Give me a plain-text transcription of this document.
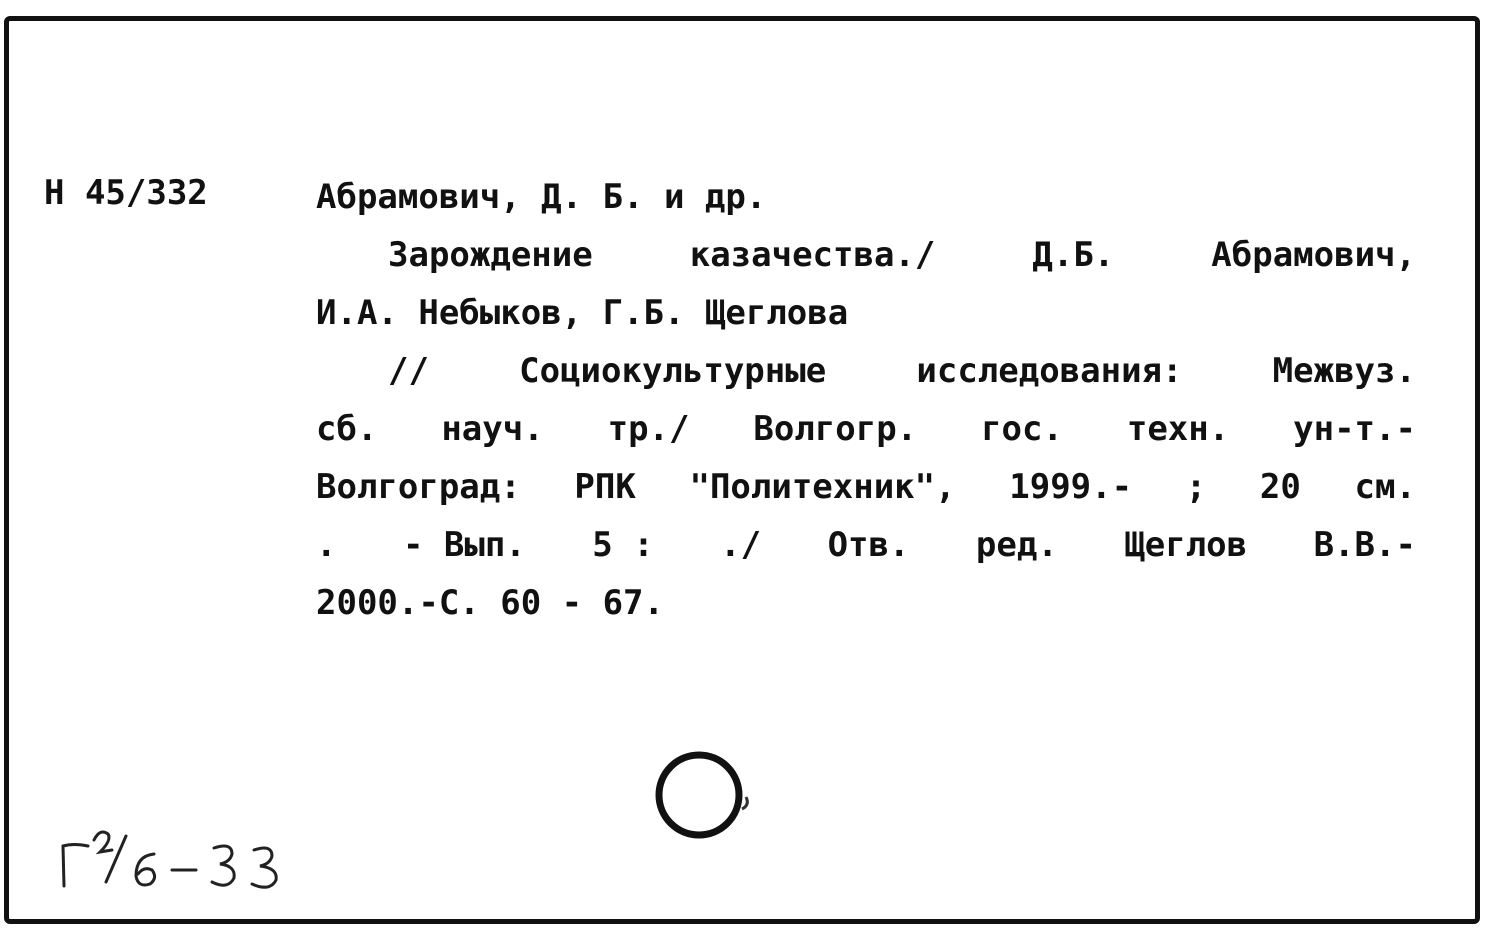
Н 45/332	Абрамович, Д. Б. и др.
Зарождение	казачества./	Д.Б.	Абрамович,
И.А. Небыков, Г.Б. Щеглова
//	Социокультурные	исследования:	Межвуз.
сб. науч. тр./ Волгогр. гос. техн. ун-т.-
Волгоград: РПК "Политехник", 1999.- ; 20 см.
. - Вып. 5 : ./ Отв. ред. Щеглов В.В.-
2000.-С. 60 - 67.
